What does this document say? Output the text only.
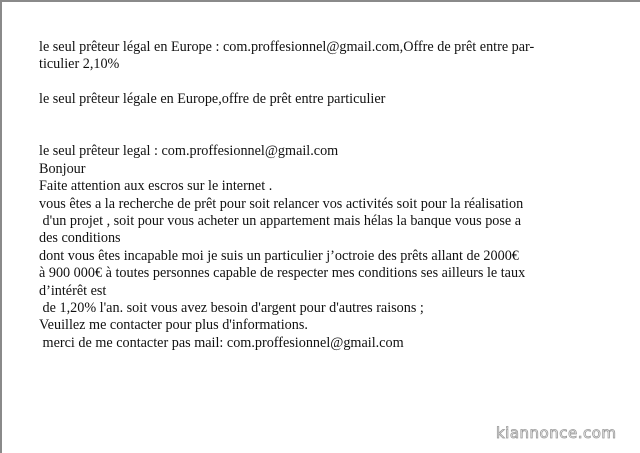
le seul prêteur légal en Europe : com.proffesionnel@gmail.com,Offre de prêt entre par-
ticulier 2,10%
le seul prêteur légale en Europe,offre de prêt entre particulier
le seul prêteur legal : com.proffesionnel@gmail.com
Bonjour
Faite attention aux escros sur le internet .
vous êtes a la recherche de prêt pour soit relancer vos activités soit pour la réalisation
d'un projet , soit pour vous acheter un appartement mais hélas la banque vous pose a
des conditions
dont vous êtes incapable moi je suis un particulier j’octroie des prêts allant de 2000€
à 900 000€ à toutes personnes capable de respecter mes conditions ses ailleurs le taux
d’intérêt est
de 1,20% l'an. soit vous avez besoin d'argent pour d'autres raisons ;
Veuillez me contacter pour plus d'informations.
merci de me contacter pas mail: com.proffesionnel@gmail.com
kiannonce.com
